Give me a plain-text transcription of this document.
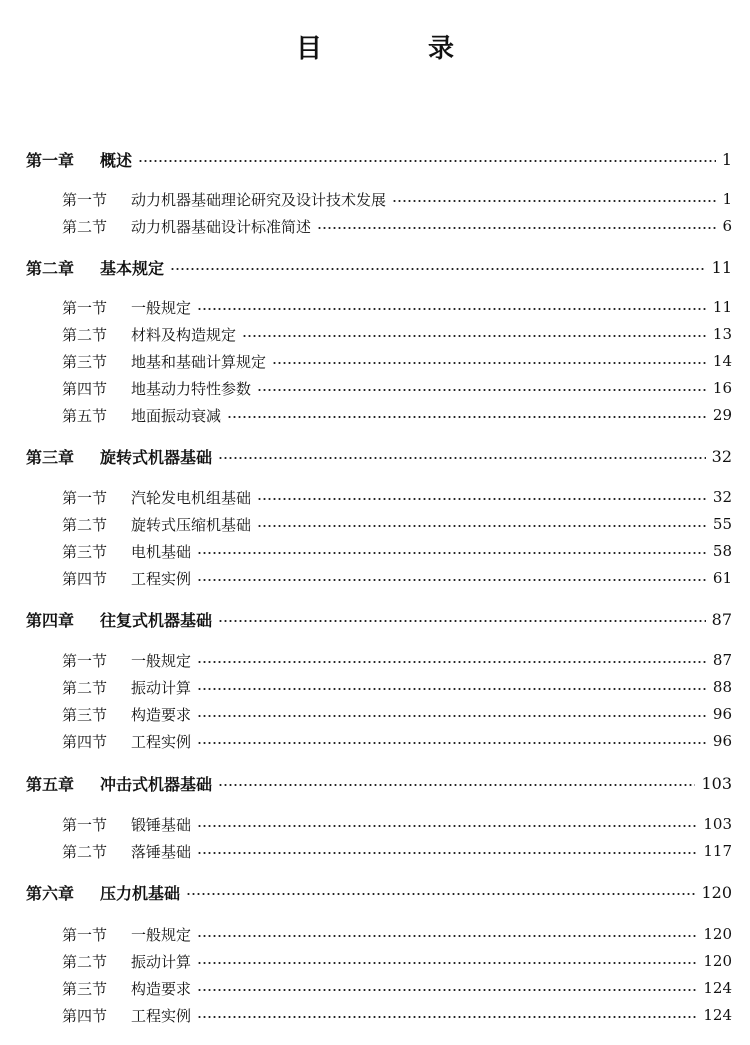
目　录
第一章	概述	1
第一节	动力机器基础理论研究及设计技术发展	1
第二节	动力机器基础设计标准简述	6
第二章	基本规定	11
第一节	一般规定	11
第二节	材料及构造规定	13
第三节	地基和基础计算规定	14
第四节	地基动力特性参数	16
第五节	地面振动衰减	29
第三章	旋转式机器基础	32
第一节	汽轮发电机组基础	32
第二节	旋转式压缩机基础	55
第三节	电机基础	58
第四节	工程实例	61
第四章	往复式机器基础	87
第一节	一般规定	87
第二节	振动计算	88
第三节	构造要求	96
第四节	工程实例	96
第五章	冲击式机器基础	103
第一节	锻锤基础	103
第二节	落锤基础	117
第六章	压力机基础	120
第一节	一般规定	120
第二节	振动计算	120
第三节	构造要求	124
第四节	工程实例	124
